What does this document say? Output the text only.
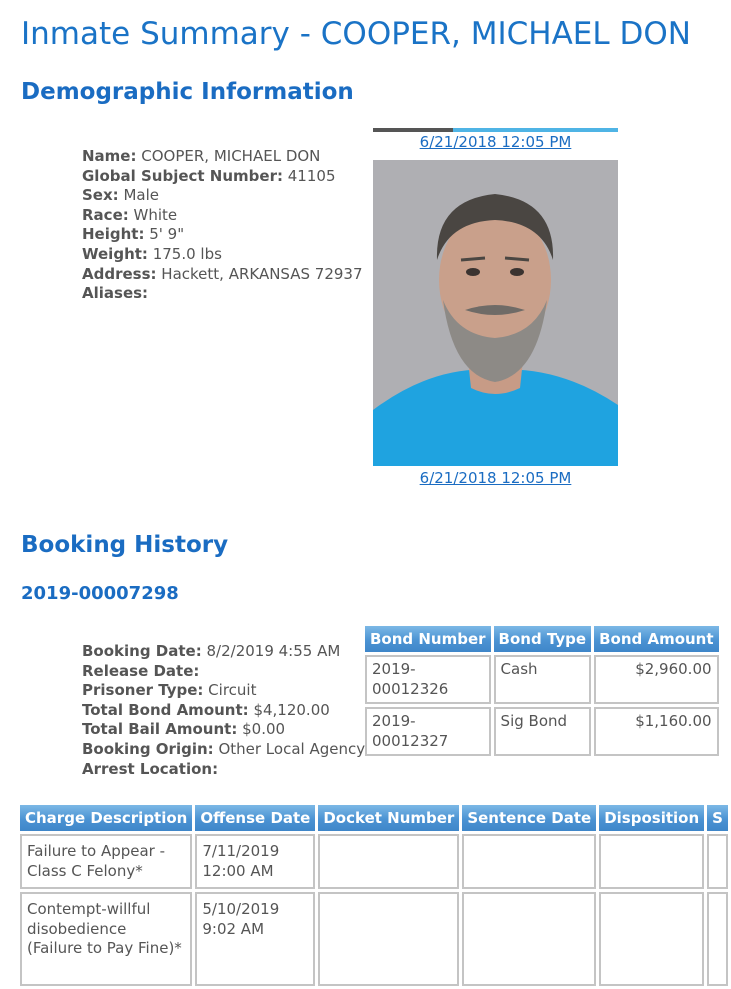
Inmate Summary - COOPER, MICHAEL DON
Demographic Information
Name: COOPER, MICHAEL DON
Global Subject Number: 41105
Sex: Male
Race: White
Height: 5' 9"
Weight: 175.0 lbs
Address: Hackett, ARKANSAS 72937
Aliases:
6/21/2018 12:05 PM
6/21/2018 12:05 PM
Booking History
2019-00007298
Booking Date: 8/2/2019 4:55 AM
Release Date:
Prisoner Type: Circuit
Total Bond Amount: $4,120.00
Total Bail Amount: $0.00
Booking Origin: Other Local Agency
Arrest Location:
Bond Number	Bond Type	Bond Amount
2019-00012326	Cash	$2,960.00
2019-00012327	Sig Bond	$1,160.00
Charge Description	Offense Date	Docket Number	Sentence Date	Disposition	S
Failure to Appear - Class C Felony*	7/11/2019 12:00 AM				
Contempt-willful disobedience (Failure to Pay Fine)*	5/10/2019 9:02 AM				
